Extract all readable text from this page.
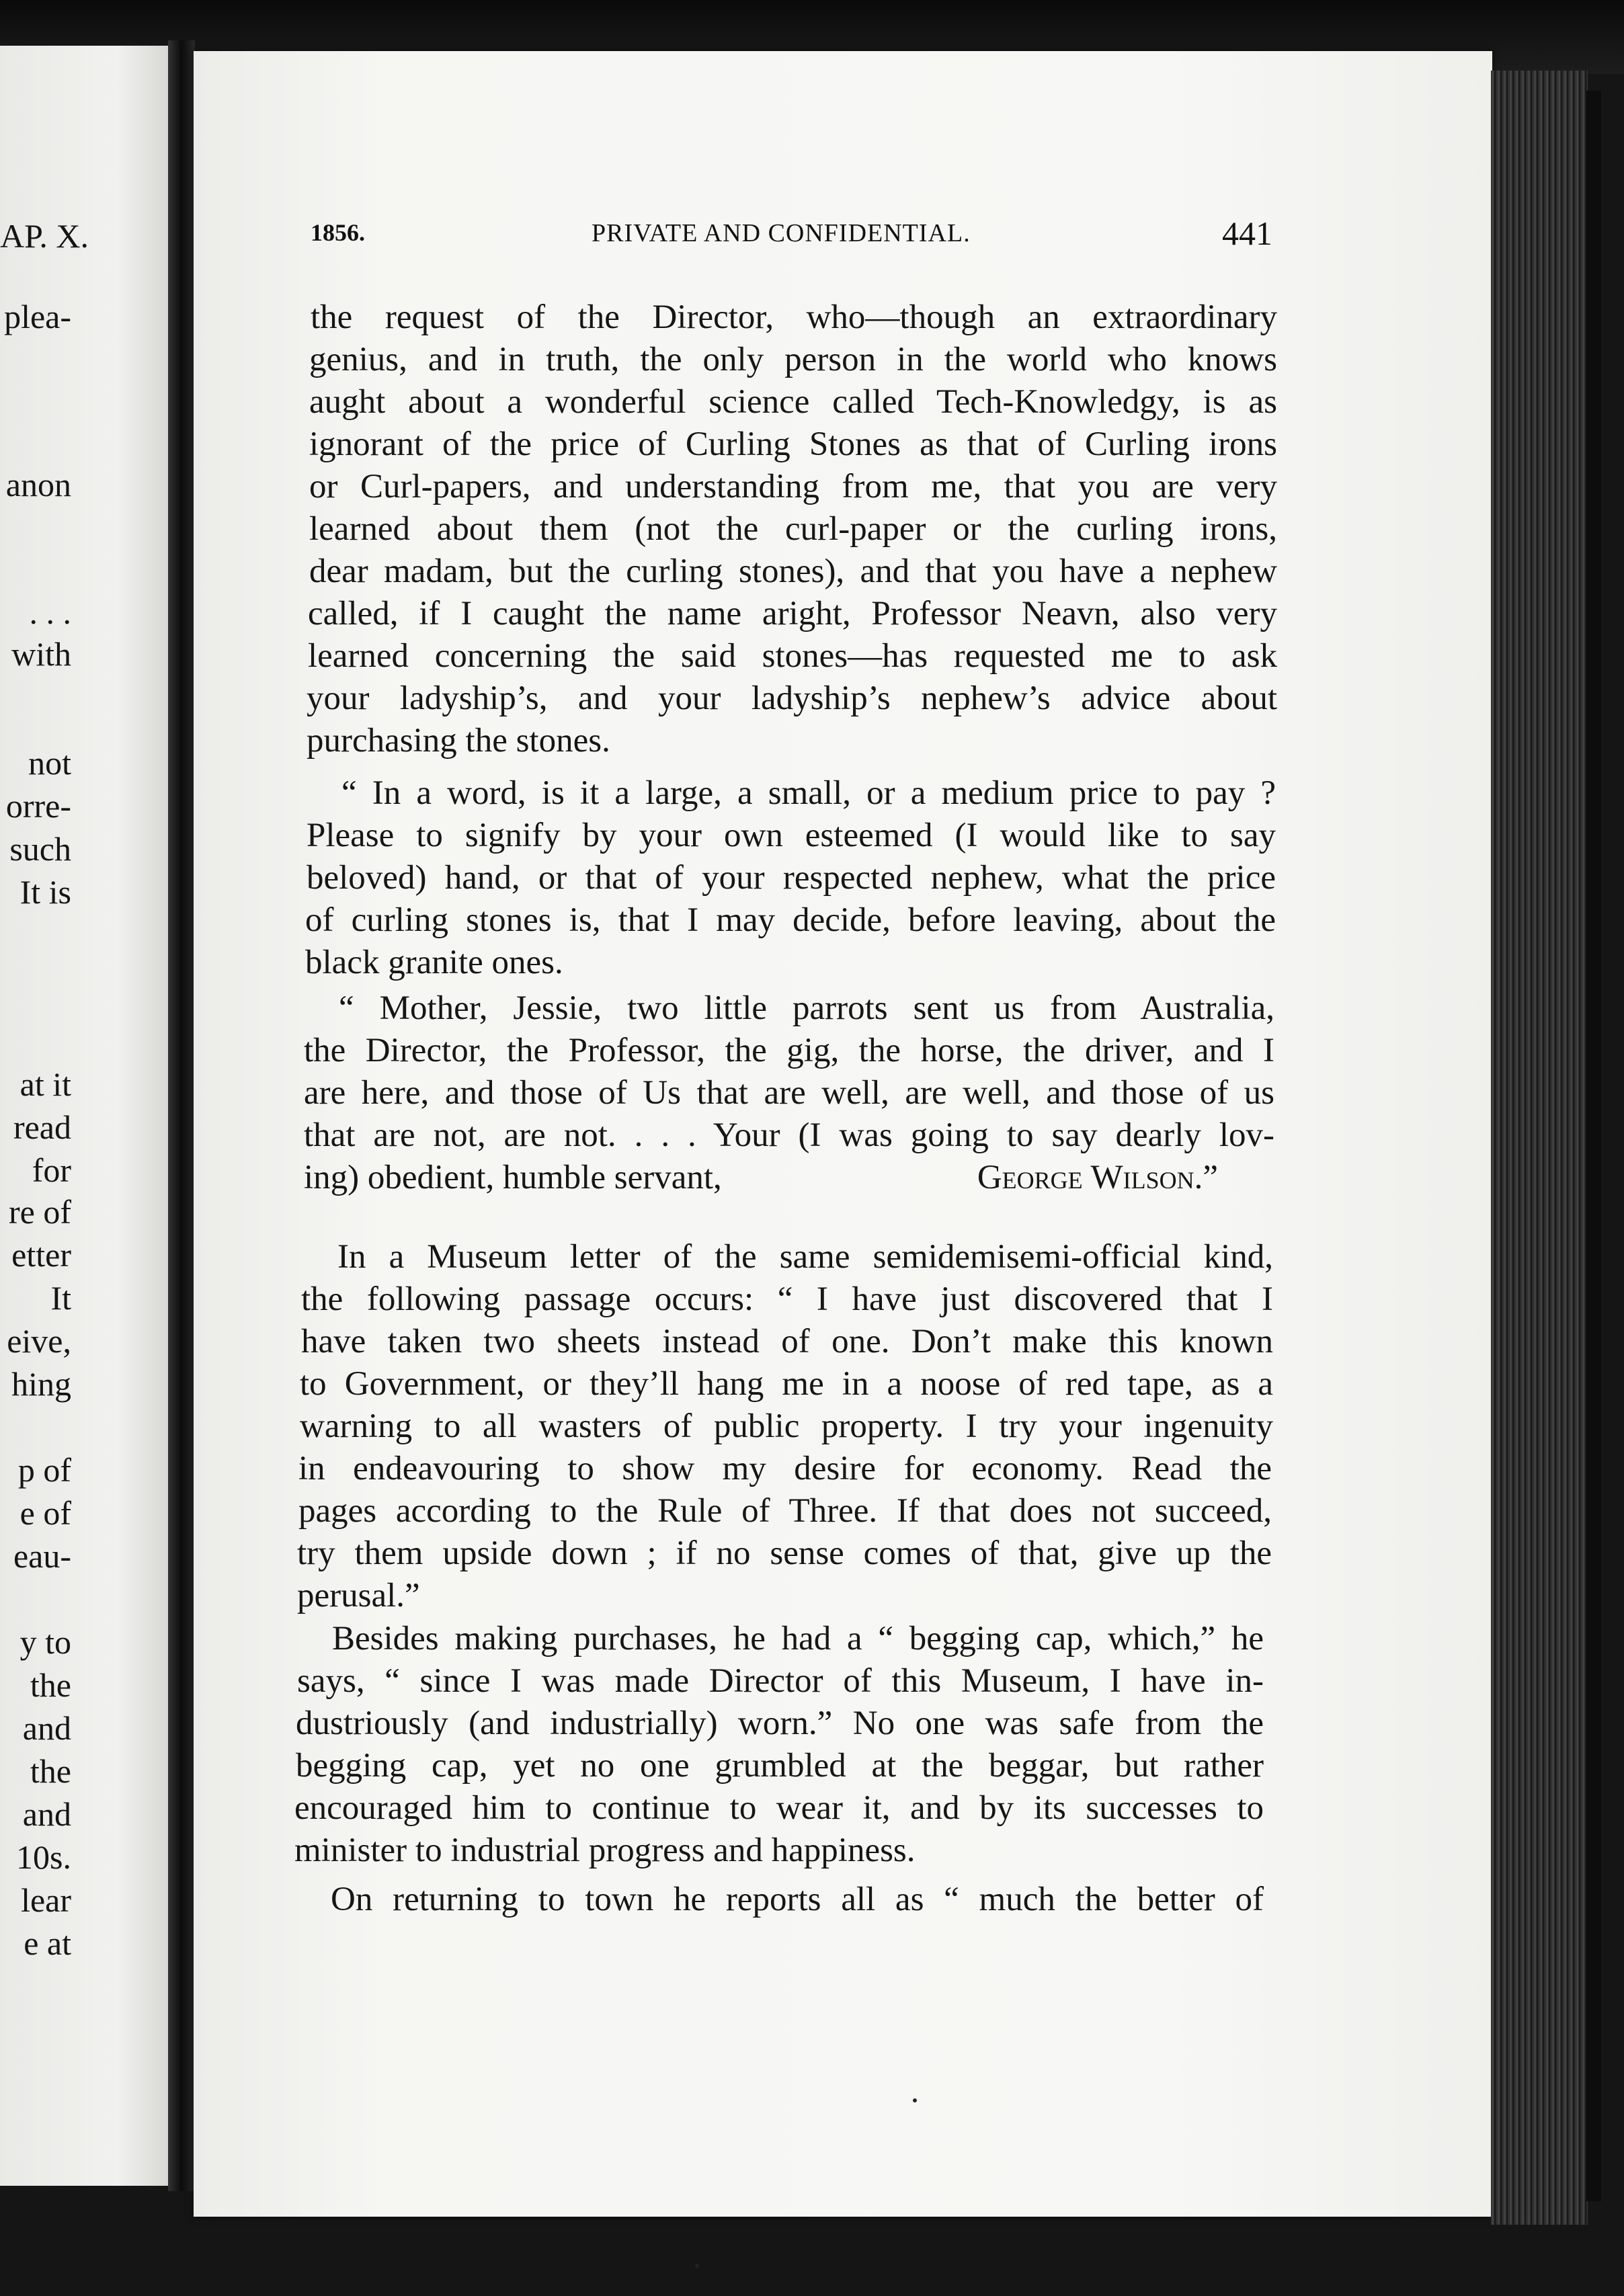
AP. X.
plea-
anon
. . .
with
not
orre-
such
It is
at it
read
for
re of
etter
It
eive,
hing
p of
e of
eau-
y to
the
and
the
and
10s.
lear
e at
1856.	PRIVATE AND CONFIDENTIAL.	441
the request of the Director, who—though an extraordinary
genius, and in truth, the only person in the world who knows
aught about a wonderful science called Tech-Knowledgy, is as
ignorant of the price of Curling Stones as that of Curling irons
or Curl-papers, and understanding from me, that you are very
learned about them (not the curl-paper or the curling irons,
dear madam, but the curling stones), and that you have a nephew
called, if I caught the name aright, Professor Neavn, also very
learned concerning the said stones—has requested me to ask
your ladyship’s, and your ladyship’s nephew’s advice about
purchasing the stones.
“ In a word, is it a large, a small, or a medium price to pay ?
Please to signify by your own esteemed (I would like to say
beloved) hand, or that of your respected nephew, what the price
of curling stones is, that I may decide, before leaving, about the
black granite ones.
“ Mother, Jessie, two little parrots sent us from Australia,
the Director, the Professor, the gig, the horse, the driver, and I
are here, and those of Us that are well, are well, and those of us
that are not, are not. . . . Your (I was going to say dearly lov-
ing) obedient, humble servant,	George Wilson.”
In a Museum letter of the same semidemisemi-official kind,
the following passage occurs: “ I have just discovered that I
have taken two sheets instead of one. Don’t make this known
to Government, or they’ll hang me in a noose of red tape, as a
warning to all wasters of public property. I try your ingenuity
in endeavouring to show my desire for economy. Read the
pages according to the Rule of Three. If that does not succeed,
try them upside down ; if no sense comes of that, give up the
perusal.”
Besides making purchases, he had a “ begging cap, which,” he
says, “ since I was made Director of this Museum, I have in-
dustriously (and industrially) worn.” No one was safe from the
begging cap, yet no one grumbled at the beggar, but rather
encouraged him to continue to wear it, and by its successes to
minister to industrial progress and happiness.
On returning to town he reports all as “ much the better of
